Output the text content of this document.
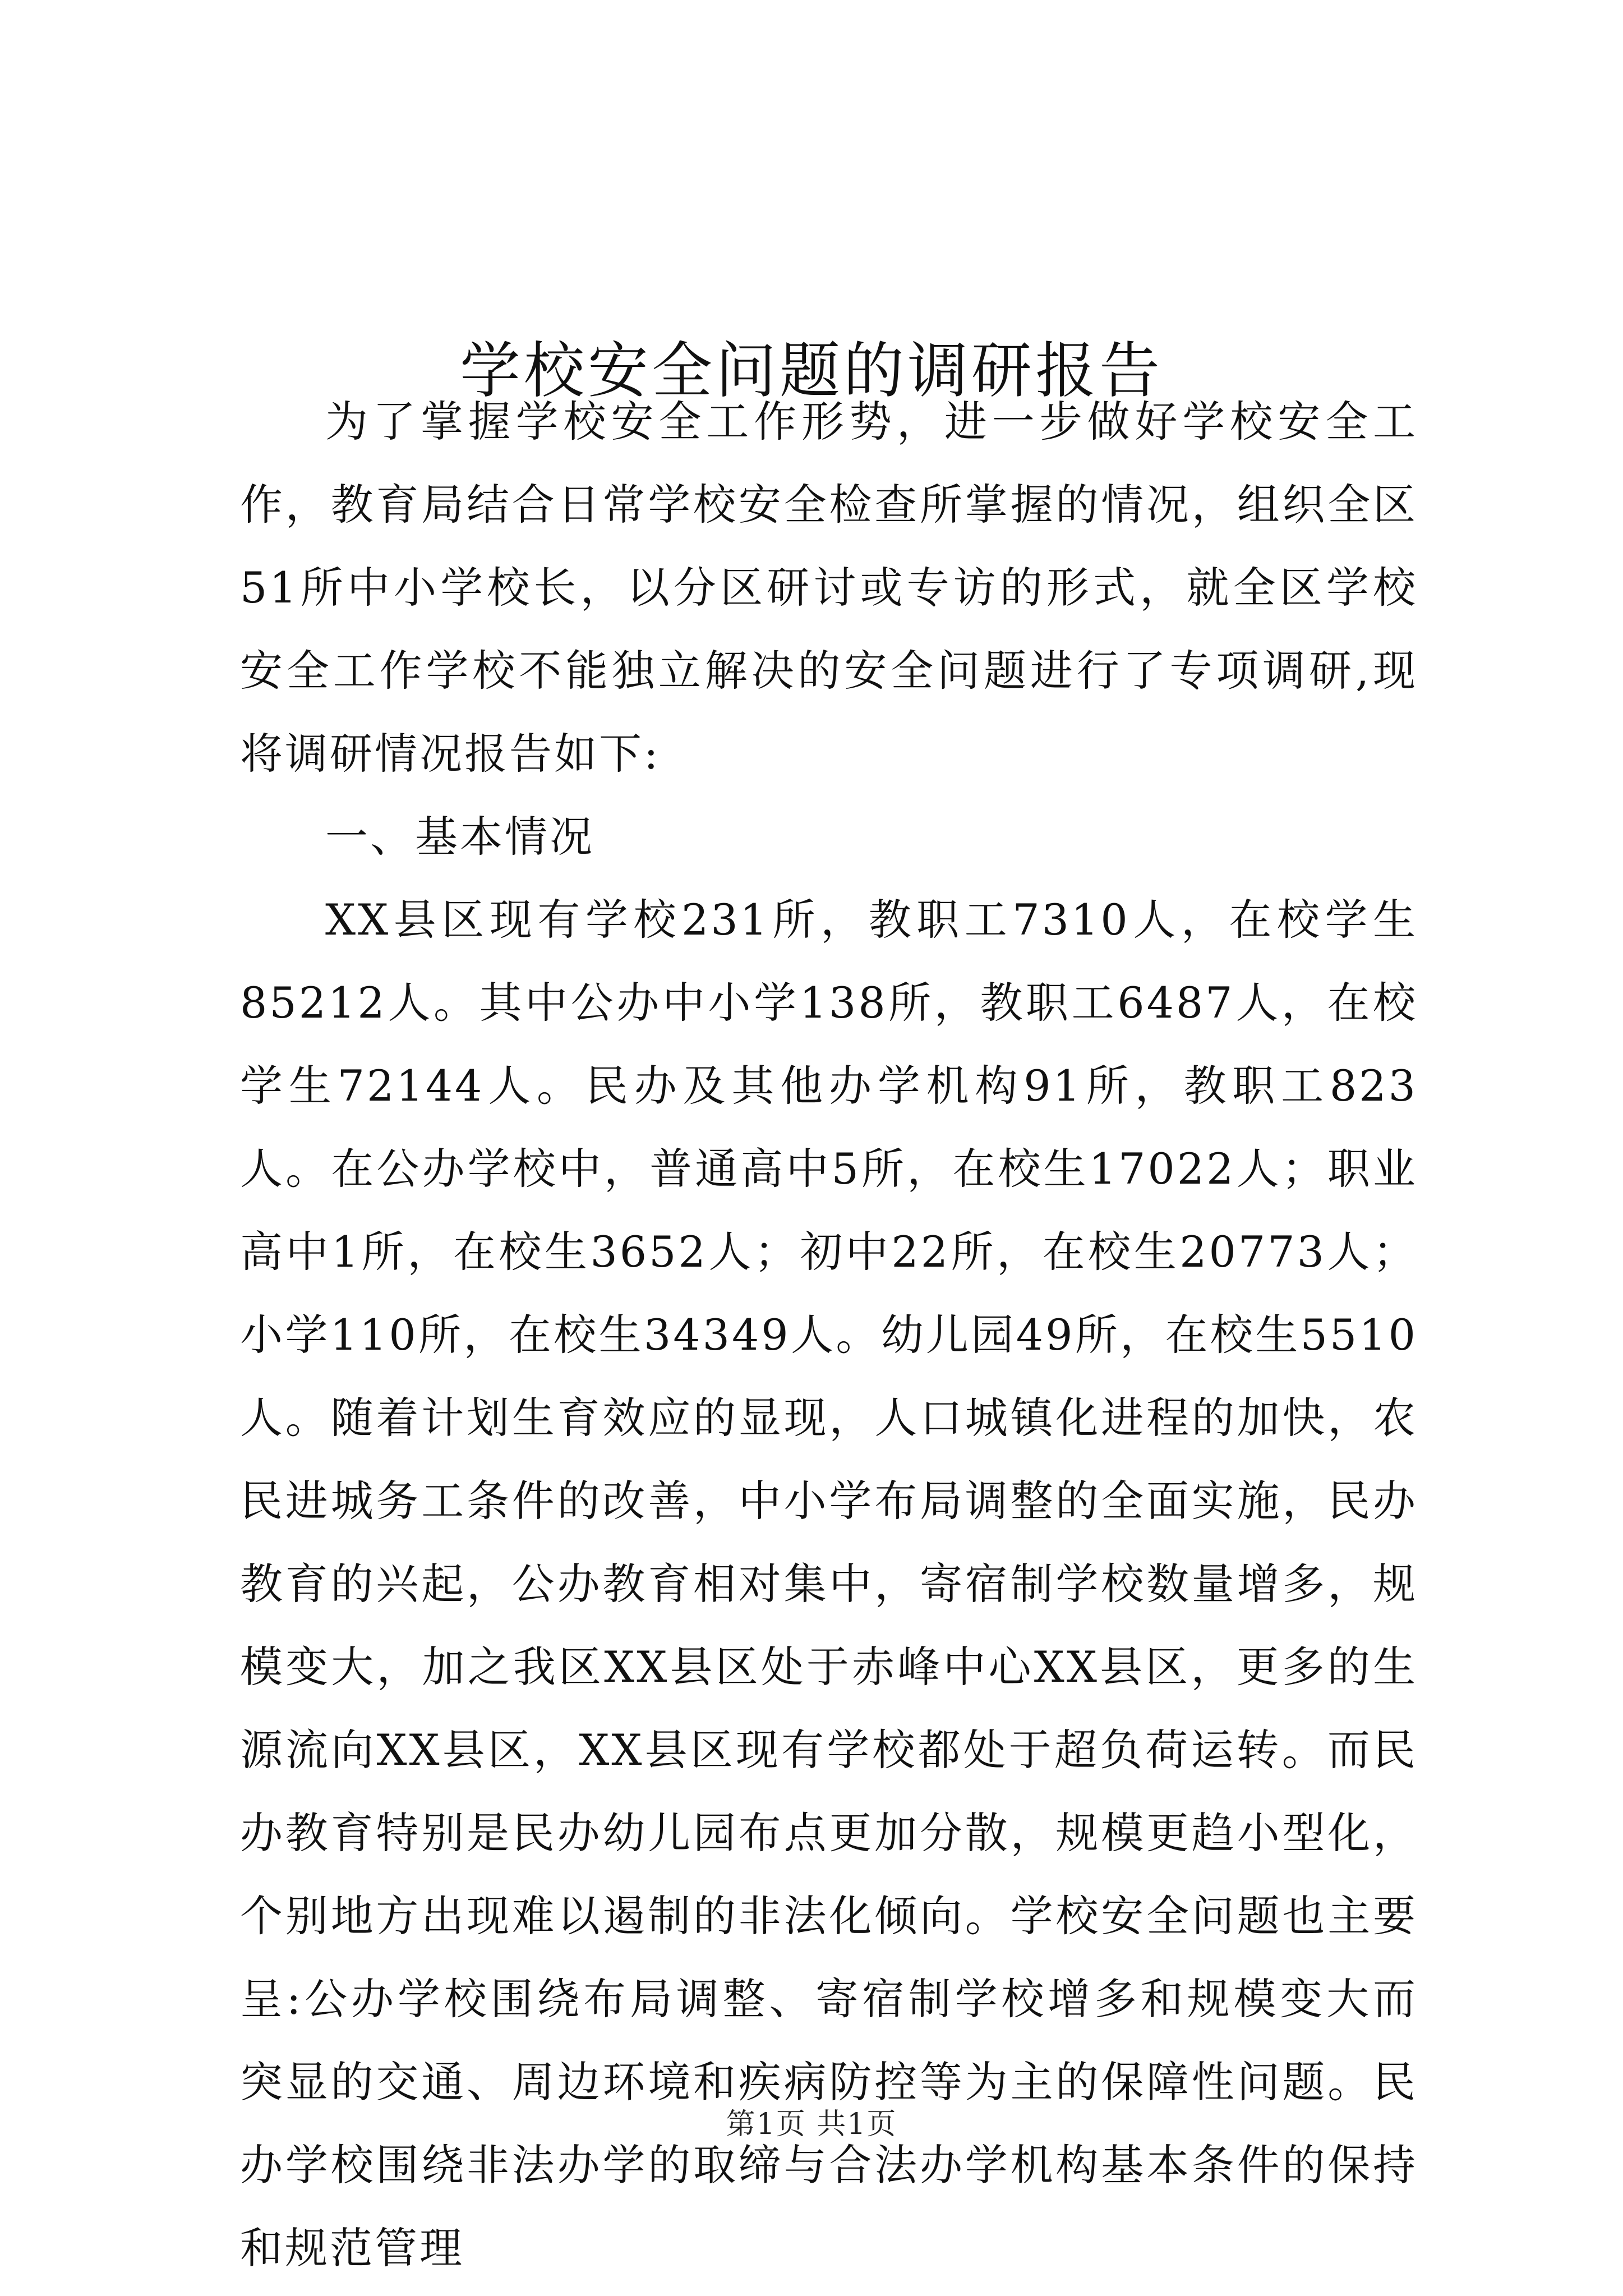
学校安全问题的调研报告

为了掌握学校安全工作形势，进一步做好学校安全工作，教育局结合日常学校安全检查所掌握的情况，组织全区51所中小学校长，以分区研讨或专访的形式，就全区学校安全工作学校不能独立解决的安全问题进行了专项调研,现将调研情况报告如下:

一、基本情况

XX县区现有学校231所，教职工7310人，在校学生85212人。其中公办中小学138所，教职工6487人，在校学生72144人。民办及其他办学机构91所，教职工823人。在公办学校中，普通高中5所，在校生17022人；职业高中1所，在校生3652人；初中22所，在校生20773人；小学110所，在校生34349人。幼儿园49所，在校生5510人。随着计划生育效应的显现，人口城镇化进程的加快，农民进城务工条件的改善，中小学布局调整的全面实施，民办教育的兴起，公办教育相对集中，寄宿制学校数量增多，规模变大，加之我区XX县区处于赤峰中心XX县区，更多的生源流向XX县区，XX县区现有学校都处于超负荷运转。而民办教育特别是民办幼儿园布点更加分散，规模更趋小型化，个别地方出现难以遏制的非法化倾向。学校安全问题也主要呈:公办学校围绕布局调整、寄宿制学校增多和规模变大而突显的交通、周边环境和疾病防控等为主的保障性问题。民办学校围绕非法办学的取缔与合法办学机构基本条件的保持和规范管理

第1页 共1页
